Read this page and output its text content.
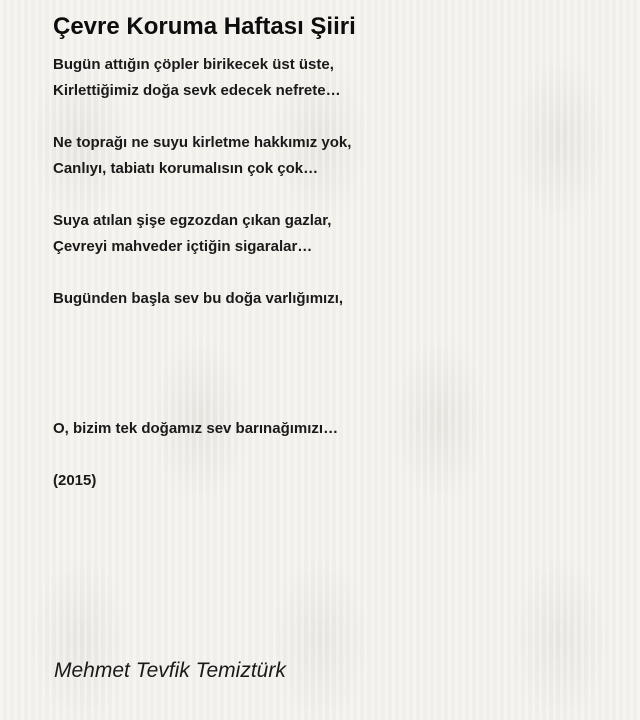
Çevre Koruma Haftası Şiiri
Bugün attığın çöpler birikecek üst üste,
Kirlettiğimiz doğa sevk edecek nefrete…
Ne toprağı ne suyu kirletme hakkımız yok,
Canlıyı, tabiatı korumalısın çok çok…
Suya atılan şişe egzozdan çıkan gazlar,
Çevreyi mahveder içtiğin sigaralar…
Bugünden başla sev bu doğa varlığımızı,
O, bizim tek doğamız sev barınağımızı…
(2015)
Mehmet Tevfik Temiztürk
